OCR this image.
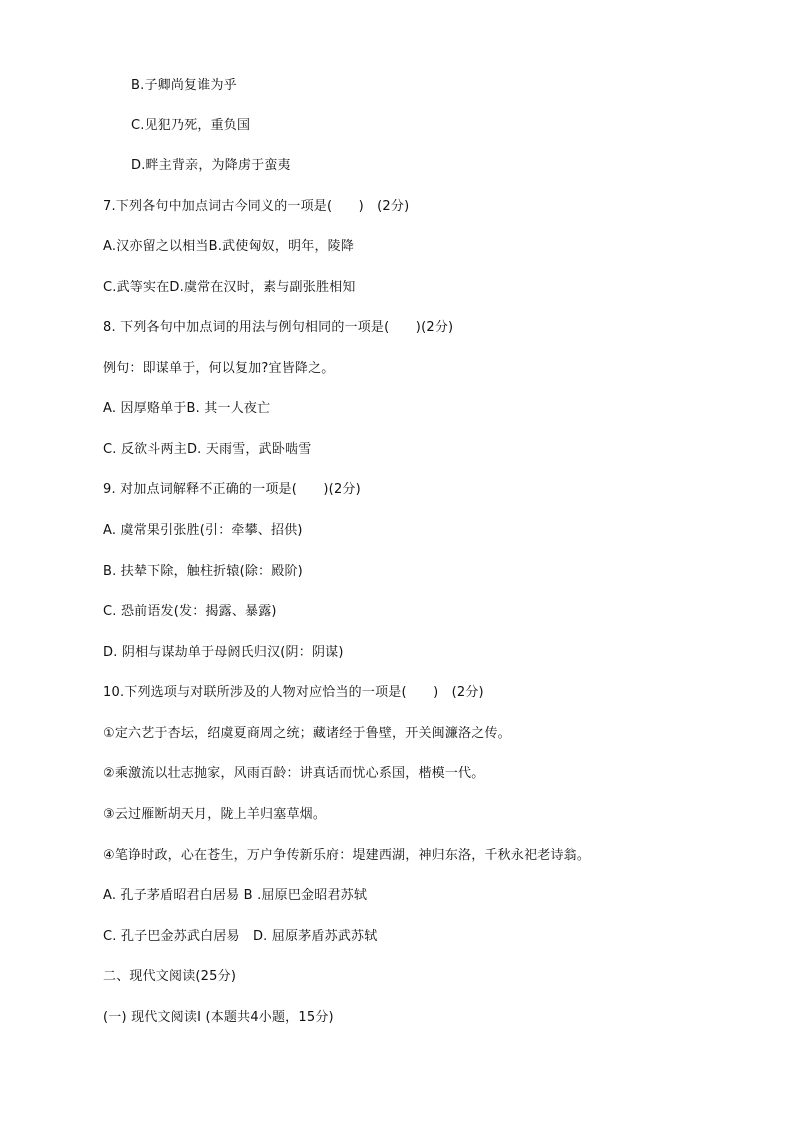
B.子卿尚复谁为乎
C.见犯乃死，重负国
D.畔主背亲，为降虏于蛮夷
7.下列各句中加点词古今同义的一项是(　　)　(2分)
A.汉亦留之以相当B.武使匈奴，明年，陵降
C.武等实在D.虞常在汉时，素与副张胜相知
8. 下列各句中加点词的用法与例句相同的一项是(　　)(2分)
例句：即谋单于，何以复加?宜皆降之。
A. 因厚赂单于B. 其一人夜亡
C. 反欲斗两主D. 天雨雪，武卧啮雪
9. 对加点词解释不正确的一项是(　　)(2分)
A. 虞常果引张胜(引：牵攀、招供)
B. 扶辇下除，触柱折辕(除：殿阶)
C. 恐前语发(发：揭露、暴露)
D. 阴相与谋劫单于母阏氏归汉(阴：阴谋)
10.下列选项与对联所涉及的人物对应恰当的一项是(　　)　(2分)
①定六艺于杏坛，绍虞夏商周之统；藏诸经于鲁壁，开关闽濂洛之传。
②乘激流以壮志抛家，风雨百龄：讲真话而忧心系国，楷模一代。
③云过雁断胡天月，陇上羊归塞草烟。
④笔诤时政，心在苍生，万户争传新乐府：堤建西湖，神归东洛，千秋永祀老诗翁。
A. 孔子茅盾昭君白居易 B .屈原巴金昭君苏轼
C. 孔子巴金苏武白居易　D. 屈原茅盾苏武苏轼
二、现代文阅读(25分)
(一) 现代文阅读Ⅰ (本题共4小题，15分)
